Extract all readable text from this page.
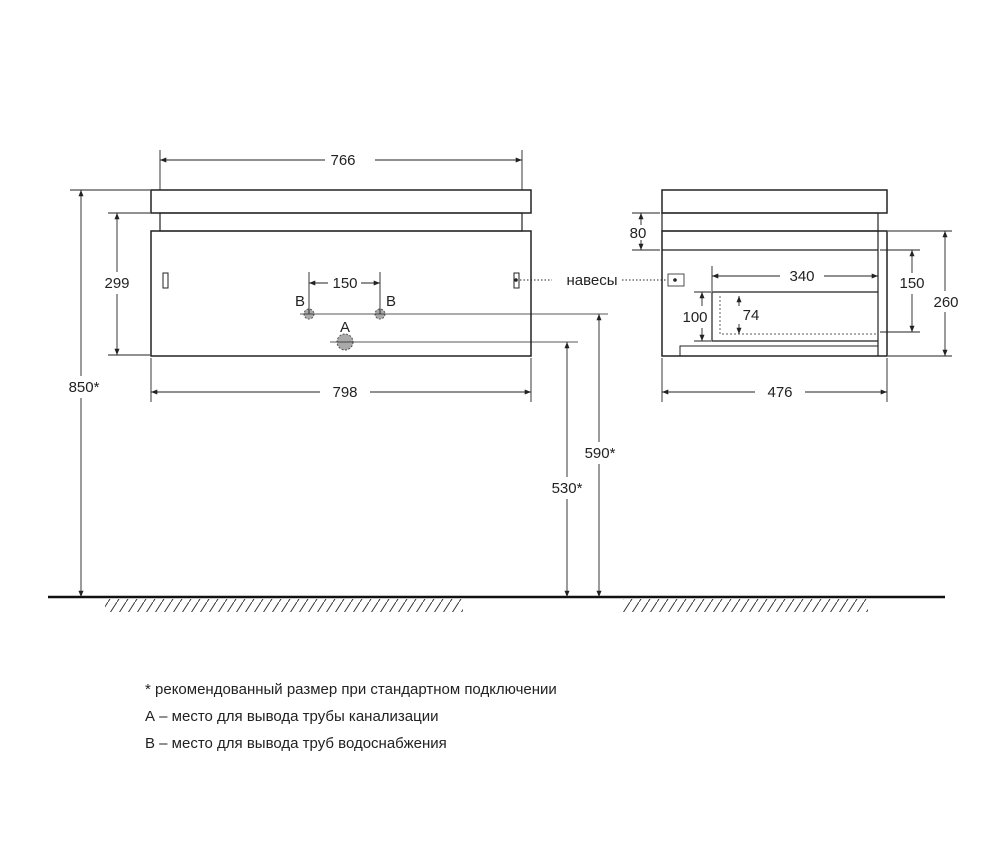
766
798
299
850*
150
B	B
A
590*
530*
навесы
80
340	150
260
100 74
476
* рекомендованный размер при стандартном подключении
А – место для вывода трубы канализации
В – место для вывода труб водоснабжения
